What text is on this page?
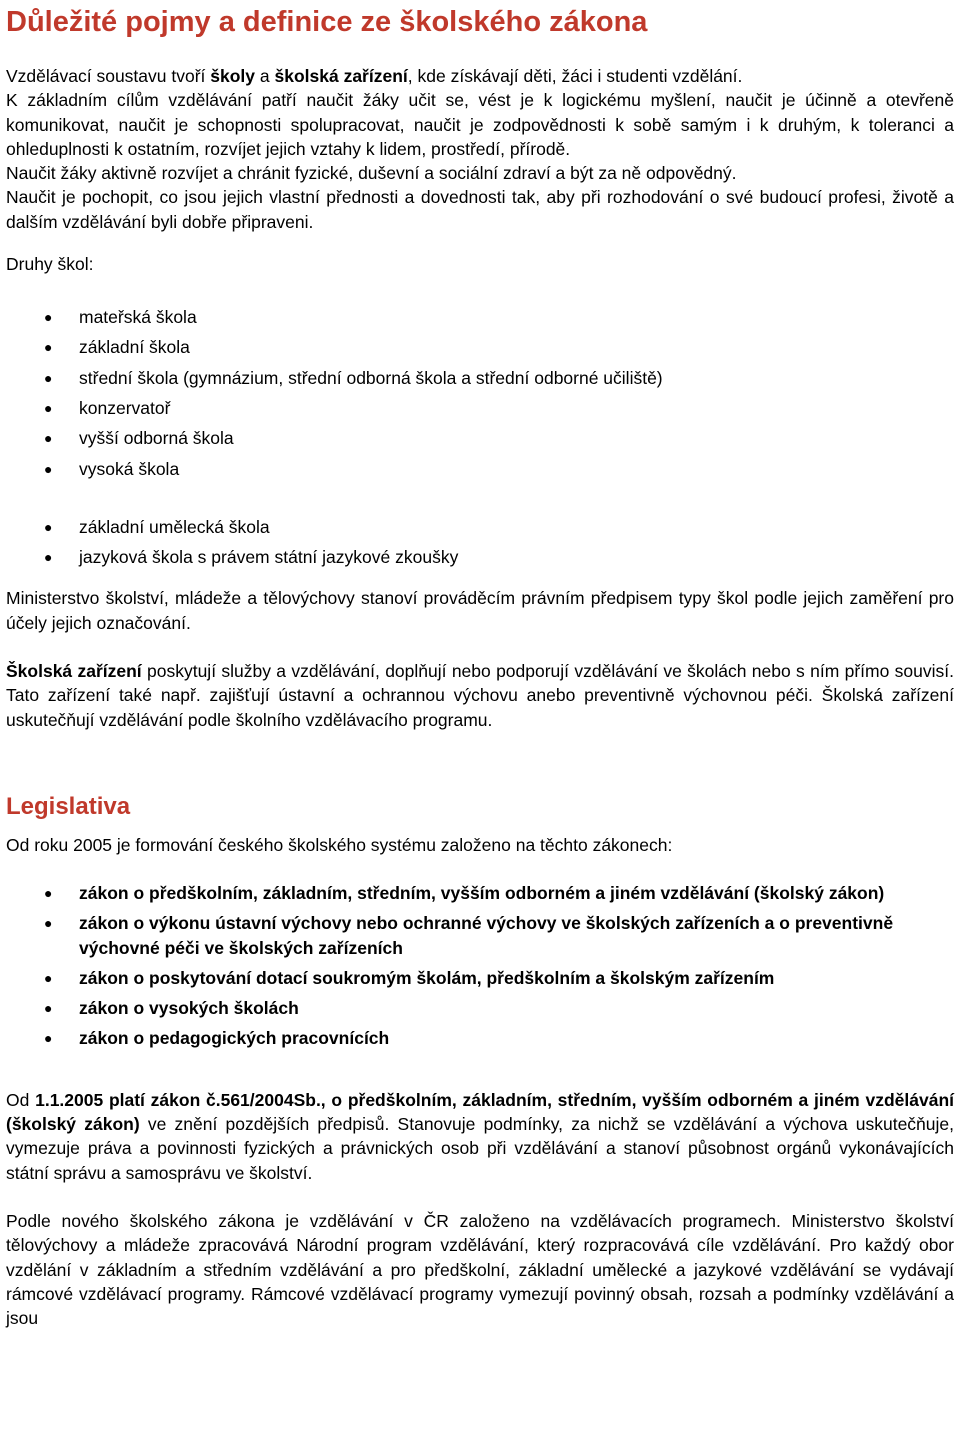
Důležité pojmy a definice ze školského zákona

Vzdělávací soustavu tvoří školy a školská zařízení, kde získávají děti, žáci i studenti vzdělání.

K základním cílům vzdělávání patří naučit žáky učit se, vést je k logickému myšlení, naučit je účinně a otevřeně komunikovat, naučit je schopnosti spolupracovat, naučit je zodpovědnosti k sobě samým i k druhým, k toleranci a ohleduplnosti k ostatním, rozvíjet jejich vztahy k lidem, prostředí, přírodě.

Naučit žáky aktivně rozvíjet a chránit fyzické, duševní a sociální zdraví a být za ně odpovědný.

Naučit je pochopit, co jsou jejich vlastní přednosti a dovednosti tak, aby při rozhodování o své budoucí profesi, životě a dalším vzdělávání byli dobře připraveni.

Druhy škol:
● mateřská škola
● základní škola
● střední škola (gymnázium, střední odborná škola a střední odborné učiliště)
● konzervatoř
● vyšší odborná škola
● vysoká škola
● základní umělecká škola
● jazyková škola s právem státní jazykové zkoušky

Ministerstvo školství, mládeže a tělovýchovy stanoví prováděcím právním předpisem typy škol podle jejich zaměření pro účely jejich označování.

Školská zařízení poskytují služby a vzdělávání, doplňují nebo podporují vzdělávání ve školách nebo s ním přímo souvisí. Tato zařízení také např. zajišťují ústavní a ochrannou výchovu anebo preventivně výchovnou péči. Školská zařízení uskutečňují vzdělávání podle školního vzdělávacího programu.

Legislativa

Od roku 2005 je formování českého školského systému založeno na těchto zákonech:

● zákon o předškolním, základním, středním, vyšším odborném a jiném vzdělávání (školský zákon)
● zákon o výkonu ústavní výchovy nebo ochranné výchovy ve školských zařízeních a o preventivně výchovné péči ve školských zařízeních
● zákon o poskytování dotací soukromým školám, předškolním a školským zařízením
● zákon o vysokých školách
● zákon o pedagogických pracovnících

Od 1.1.2005 platí zákon č.561/2004Sb., o předškolním, základním, středním, vyšším odborném a jiném vzdělávání (školský zákon) ve znění pozdějších předpisů. Stanovuje podmínky, za nichž se vzdělávání a výchova uskutečňuje, vymezuje práva a povinnosti fyzických a právnických osob při vzdělávání a stanoví působnost orgánů vykonávajících státní správu a samosprávu ve školství.

Podle nového školského zákona je vzdělávání v ČR založeno na vzdělávacích programech. Ministerstvo školství tělovýchovy a mládeže zpracovává Národní program vzdělávání, který rozpracovává cíle vzdělávání. Pro každý obor vzdělání v základním a středním vzdělávání a pro předškolní, základní umělecké a jazykové vzdělávání se vydávají rámcové vzdělávací programy. Rámcové vzdělávací programy vymezují povinný obsah, rozsah a podmínky vzdělávání a jsou
